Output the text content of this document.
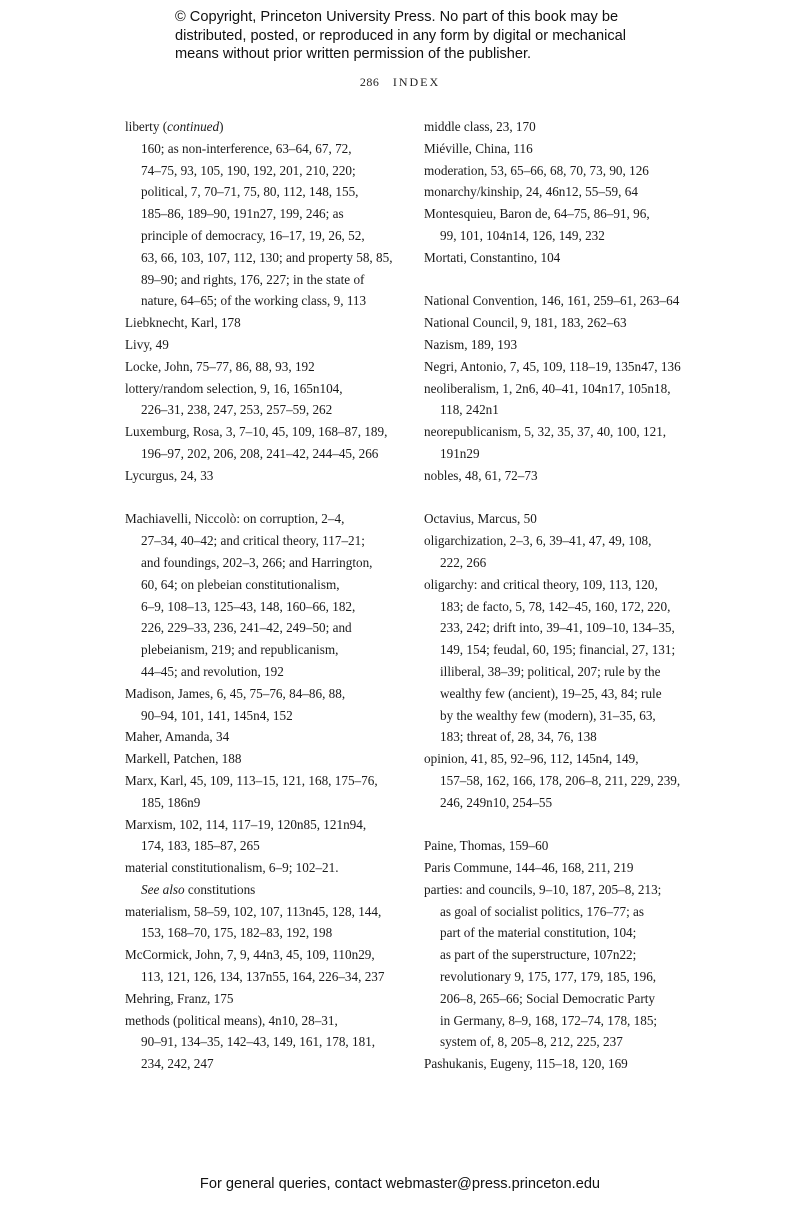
© Copyright, Princeton University Press. No part of this book may be
distributed, posted, or reproduced in any form by digital or mechanical
means without prior written permission of the publisher.
286 INDEX
liberty (continued)
160; as non-interference, 63–64, 67, 72,
74–75, 93, 105, 190, 192, 201, 210, 220;
political, 7, 70–71, 75, 80, 112, 148, 155,
185–86, 189–90, 191n27, 199, 246; as
principle of democracy, 16–17, 19, 26, 52,
63, 66, 103, 107, 112, 130; and property 58, 85,
89–90; and rights, 176, 227; in the state of
nature, 64–65; of the working class, 9, 113
Liebknecht, Karl, 178
Livy, 49
Locke, John, 75–77, 86, 88, 93, 192
lottery/random selection, 9, 16, 165n104,
226–31, 238, 247, 253, 257–59, 262
Luxemburg, Rosa, 3, 7–10, 45, 109, 168–87, 189,
196–97, 202, 206, 208, 241–42, 244–45, 266
Lycurgus, 24, 33
Machiavelli, Niccolò: on corruption, 2–4,
27–34, 40–42; and critical theory, 117–21;
and foundings, 202–3, 266; and Harrington,
60, 64; on plebeian constitutionalism,
6–9, 108–13, 125–43, 148, 160–66, 182,
226, 229–33, 236, 241–42, 249–50; and
plebeianism, 219; and republicanism,
44–45; and revolution, 192
Madison, James, 6, 45, 75–76, 84–86, 88,
90–94, 101, 141, 145n4, 152
Maher, Amanda, 34
Markell, Patchen, 188
Marx, Karl, 45, 109, 113–15, 121, 168, 175–76,
185, 186n9
Marxism, 102, 114, 117–19, 120n85, 121n94,
174, 183, 185–87, 265
material constitutionalism, 6–9; 102–21.
See also constitutions
materialism, 58–59, 102, 107, 113n45, 128, 144,
153, 168–70, 175, 182–83, 192, 198
McCormick, John, 7, 9, 44n3, 45, 109, 110n29,
113, 121, 126, 134, 137n55, 164, 226–34, 237
Mehring, Franz, 175
methods (political means), 4n10, 28–31,
90–91, 134–35, 142–43, 149, 161, 178, 181,
234, 242, 247
middle class, 23, 170
Miéville, China, 116
moderation, 53, 65–66, 68, 70, 73, 90, 126
monarchy/kinship, 24, 46n12, 55–59, 64
Montesquieu, Baron de, 64–75, 86–91, 96,
99, 101, 104n14, 126, 149, 232
Mortati, Constantino, 104
National Convention, 146, 161, 259–61, 263–64
National Council, 9, 181, 183, 262–63
Nazism, 189, 193
Negri, Antonio, 7, 45, 109, 118–19, 135n47, 136
neoliberalism, 1, 2n6, 40–41, 104n17, 105n18,
118, 242n1
neorepublicanism, 5, 32, 35, 37, 40, 100, 121,
191n29
nobles, 48, 61, 72–73
Octavius, Marcus, 50
oligarchization, 2–3, 6, 39–41, 47, 49, 108,
222, 266
oligarchy: and critical theory, 109, 113, 120,
183; de facto, 5, 78, 142–45, 160, 172, 220,
233, 242; drift into, 39–41, 109–10, 134–35,
149, 154; feudal, 60, 195; financial, 27, 131;
illiberal, 38–39; political, 207; rule by the
wealthy few (ancient), 19–25, 43, 84; rule
by the wealthy few (modern), 31–35, 63,
183; threat of, 28, 34, 76, 138
opinion, 41, 85, 92–96, 112, 145n4, 149,
157–58, 162, 166, 178, 206–8, 211, 229, 239,
246, 249n10, 254–55
Paine, Thomas, 159–60
Paris Commune, 144–46, 168, 211, 219
parties: and councils, 9–10, 187, 205–8, 213;
as goal of socialist politics, 176–77; as
part of the material constitution, 104;
as part of the superstructure, 107n22;
revolutionary 9, 175, 177, 179, 185, 196,
206–8, 265–66; Social Democratic Party
in Germany, 8–9, 168, 172–74, 178, 185;
system of, 8, 205–8, 212, 225, 237
Pashukanis, Eugeny, 115–18, 120, 169
For general queries, contact webmaster@press.princeton.edu
